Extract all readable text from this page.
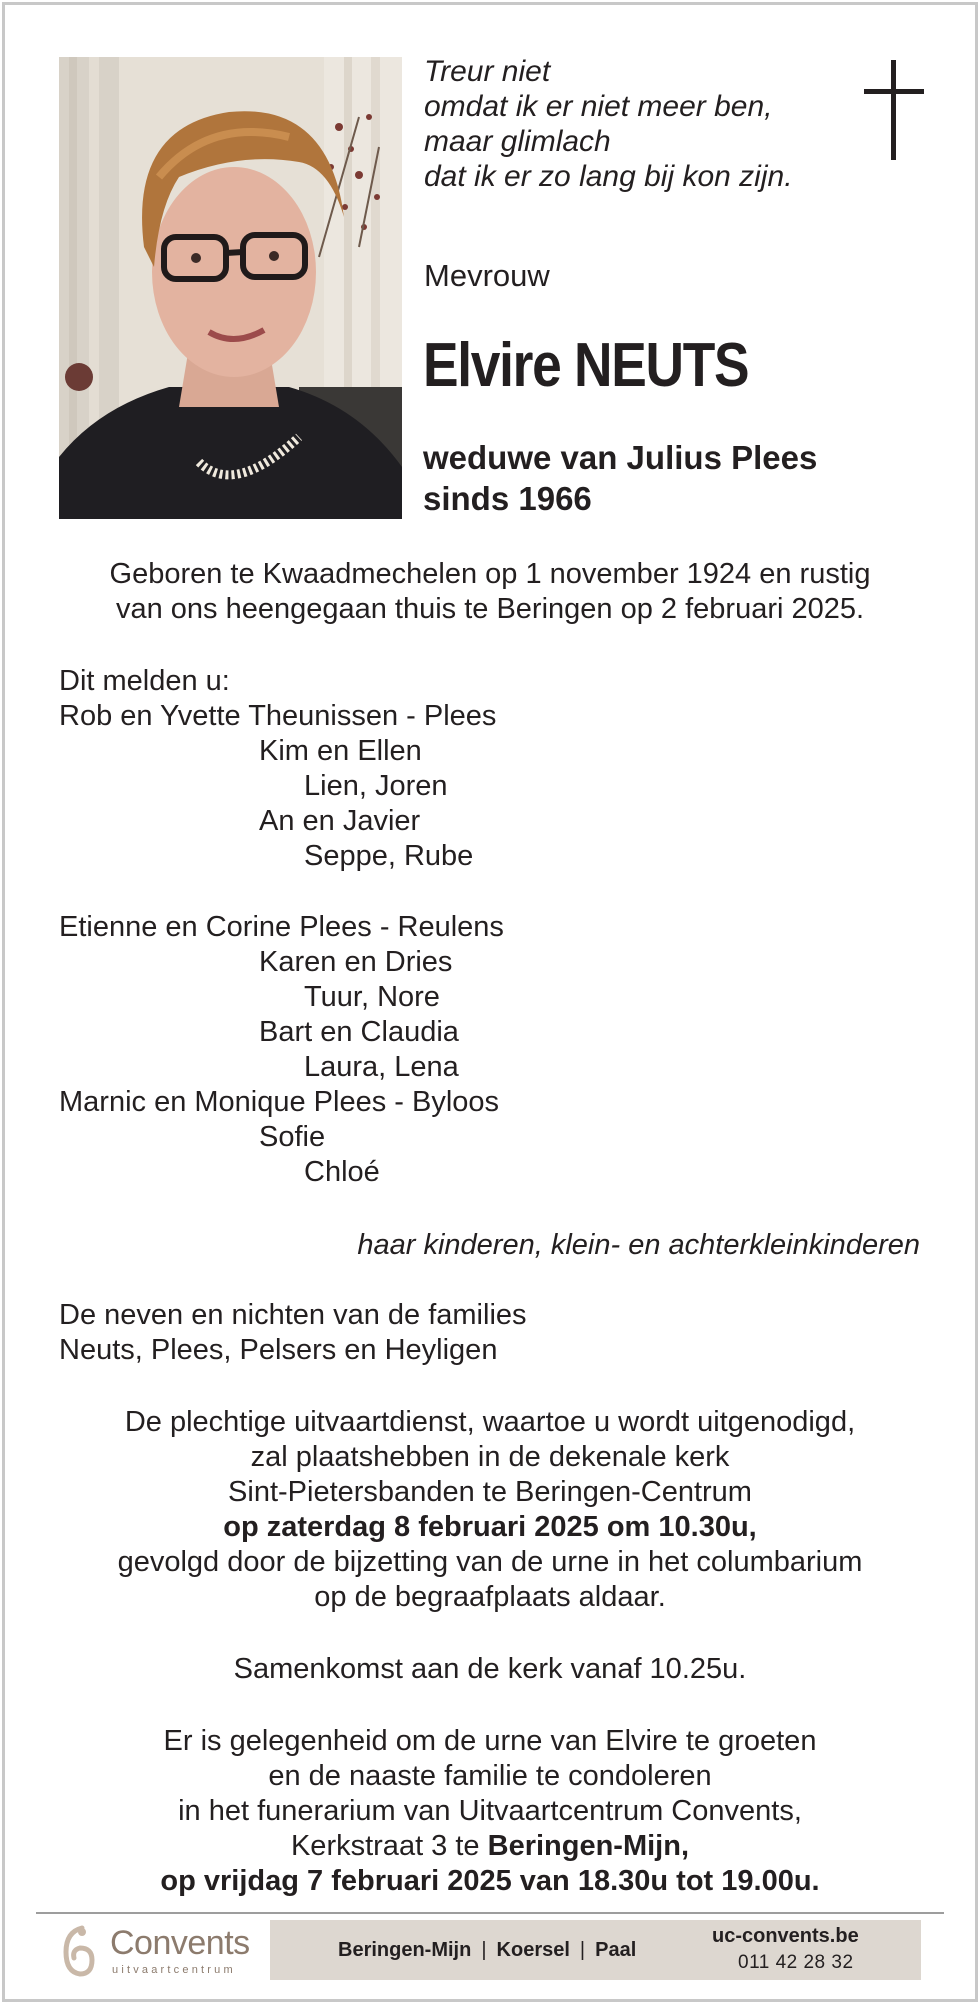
Treur niet
omdat ik er niet meer ben,
maar glimlach
dat ik er zo lang bij kon zijn.
Mevrouw
Elvire NEUTS
weduwe van Julius Plees
sinds 1966
Geboren te Kwaadmechelen op 1 november 1924 en rustig
van ons heengegaan thuis te Beringen op 2 februari 2025.
Dit melden u:
Rob en Yvette Theunissen - Plees
Kim en Ellen
Lien, Joren
An en Javier
Seppe, Rube
Etienne en Corine Plees - Reulens
Karen en Dries
Tuur, Nore
Bart en Claudia
Laura, Lena
Marnic en Monique Plees - Byloos
Sofie
Chloé
haar kinderen, klein- en achterkleinkinderen
De neven en nichten van de families
Neuts, Plees, Pelsers en Heyligen
De plechtige uitvaartdienst, waartoe u wordt uitgenodigd,
zal plaatshebben in de dekenale kerk
Sint-Pietersbanden te Beringen-Centrum
op zaterdag 8 februari 2025 om 10.30u,
gevolgd door de bijzetting van de urne in het columbarium
op de begraafplaats aldaar.
Samenkomst aan de kerk vanaf 10.25u.
Er is gelegenheid om de urne van Elvire te groeten
en de naaste familie te condoleren
in het funerarium van Uitvaartcentrum Convents,
Kerkstraat 3 te Beringen-Mijn,
op vrijdag 7 februari 2025 van 18.30u tot 19.00u.
Convents
uitvaartcentrum
Beringen-Mijn | Koersel | Paal
uc-convents.be
011 42 28 32
